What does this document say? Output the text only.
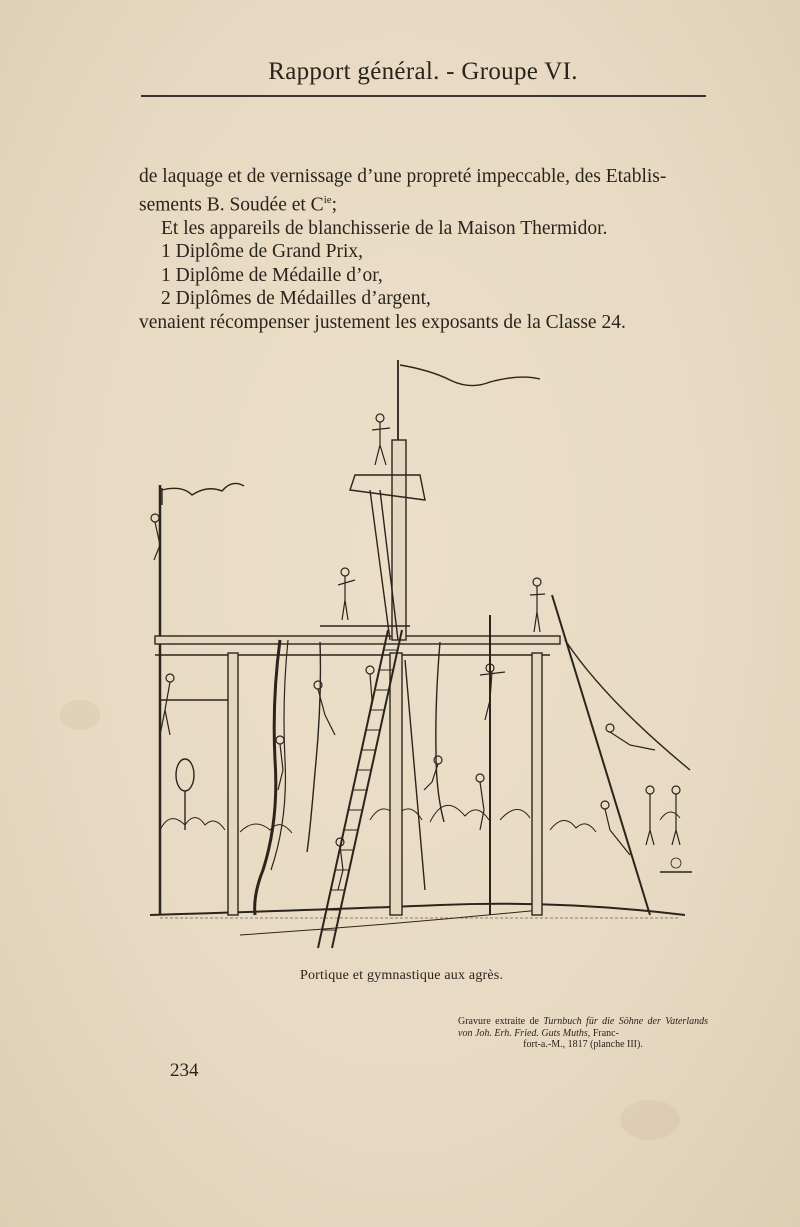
Rapport général. - Groupe VI.

de laquage et de vernissage d’une propreté impeccable, des Etablis-

sements B. Soudée et $C^{ie}$;

Et les appareils de blanchisserie de la Maison Thermidor.

1 Diplôme de Grand Prix,

1 Diplôme de Médaille d’or,

2 Diplômes de Médailles d’argent,

venaient récompenser justement les exposants de la Classe 24.

Portique et gymnastique aux agrès.
Gravure extraite de Turnbuch für die Söhne der Vaterlands von Joh. Erh. Fried. Guts Muths, Franc-
fort-a.-M., 1817 (planche III).
234
